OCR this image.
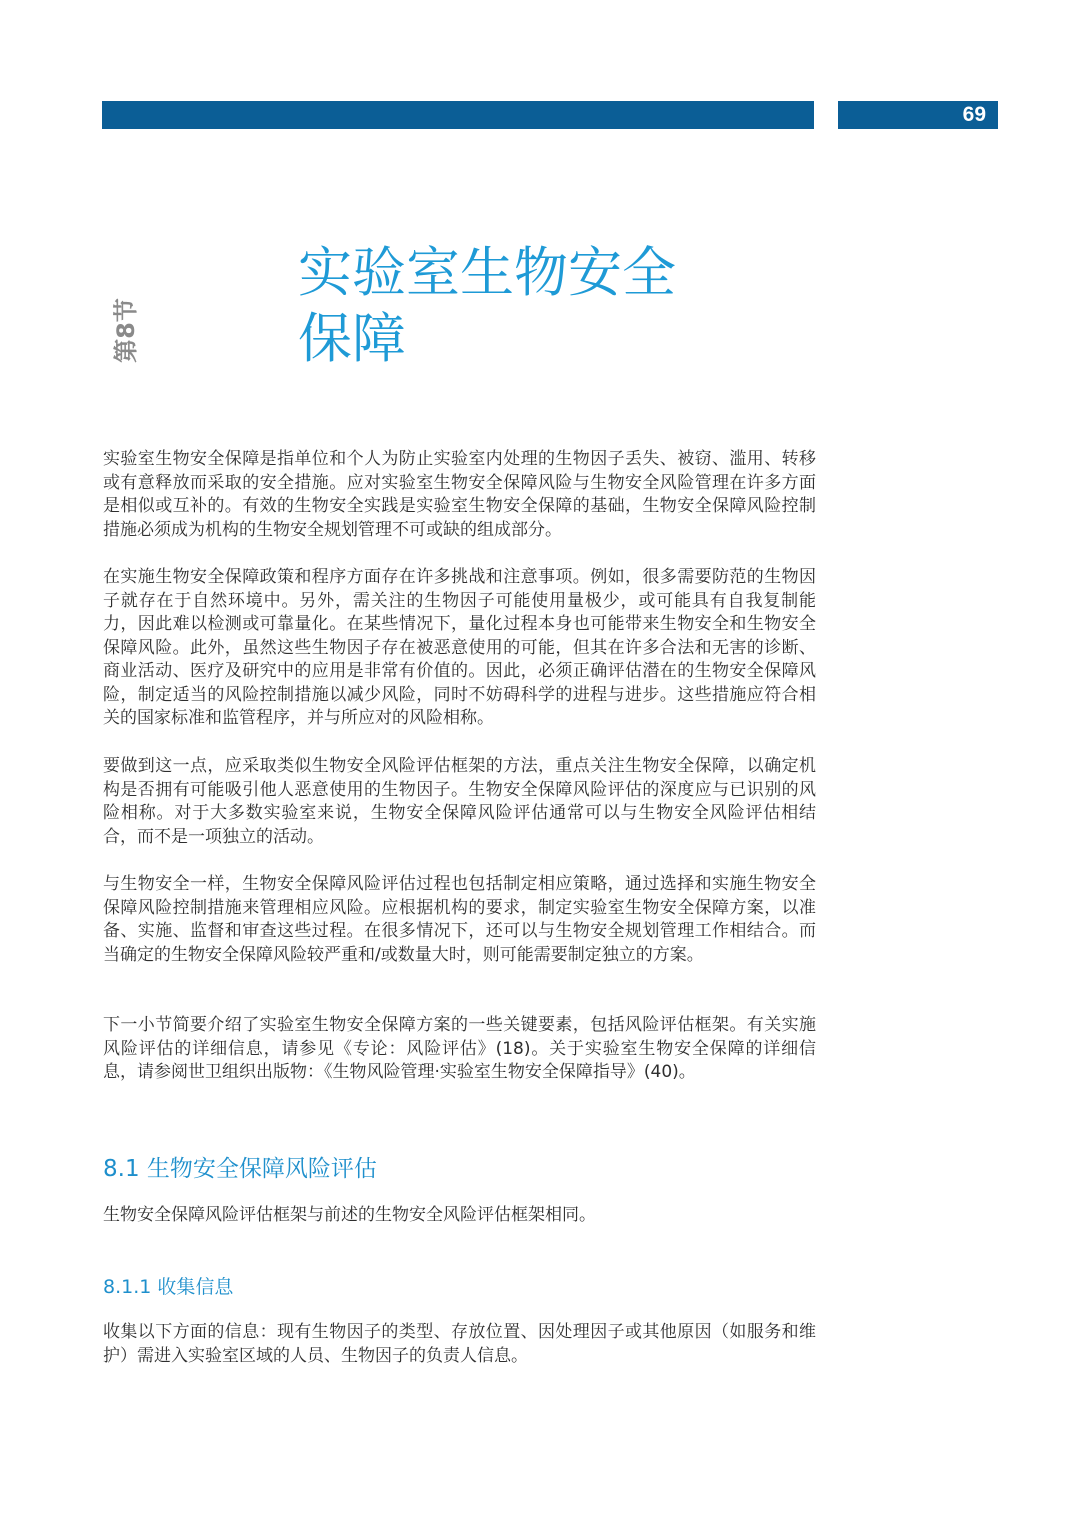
69
第8节
实验室生物安全
保障

实验室生物安全保障是指单位和个人为防止实验室内处理的生物因子丢失、被窃、滥用、转移或有意释放而采取的安全措施。应对实验室生物安全保障风险与生物安全风险管理在许多方面是相似或互补的。有效的生物安全实践是实验室生物安全保障的基础，生物安全保障风险控制措施必须成为机构的生物安全规划管理不可或缺的组成部分。

在实施生物安全保障政策和程序方面存在许多挑战和注意事项。例如，很多需要防范的生物因子就存在于自然环境中。另外，需关注的生物因子可能使用量极少，或可能具有自我复制能力，因此难以检测或可靠量化。在某些情况下，量化过程本身也可能带来生物安全和生物安全保障风险。此外，虽然这些生物因子存在被恶意使用的可能，但其在许多合法和无害的诊断、商业活动、医疗及研究中的应用是非常有价值的。因此，必须正确评估潜在的生物安全保障风险，制定适当的风险控制措施以减少风险，同时不妨碍科学的进程与进步。这些措施应符合相关的国家标准和监管程序，并与所应对的风险相称。

要做到这一点，应采取类似生物安全风险评估框架的方法，重点关注生物安全保障，以确定机构是否拥有可能吸引他人恶意使用的生物因子。生物安全保障风险评估的深度应与已识别的风险相称。对于大多数实验室来说，生物安全保障风险评估通常可以与生物安全风险评估相结合，而不是一项独立的活动。

与生物安全一样，生物安全保障风险评估过程也包括制定相应策略，通过选择和实施生物安全保障风险控制措施来管理相应风险。应根据机构的要求，制定实验室生物安全保障方案，以准备、实施、监督和审查这些过程。在很多情况下，还可以与生物安全规划管理工作相结合。而当确定的生物安全保障风险较严重和/或数量大时，则可能需要制定独立的方案。

下一小节简要介绍了实验室生物安全保障方案的一些关键要素，包括风险评估框架。有关实施风险评估的详细信息，请参见《专论：风险评估》(18)。关于实验室生物安全保障的详细信息，请参阅世卫组织出版物：《生物风险管理·实验室生物安全保障指导》(40)。

8.1 生物安全保障风险评估

生物安全保障风险评估框架与前述的生物安全风险评估框架相同。

8.1.1 收集信息

收集以下方面的信息：现有生物因子的类型、存放位置、因处理因子或其他原因（如服务和维护）需进入实验室区域的人员、生物因子的负责人信息。
